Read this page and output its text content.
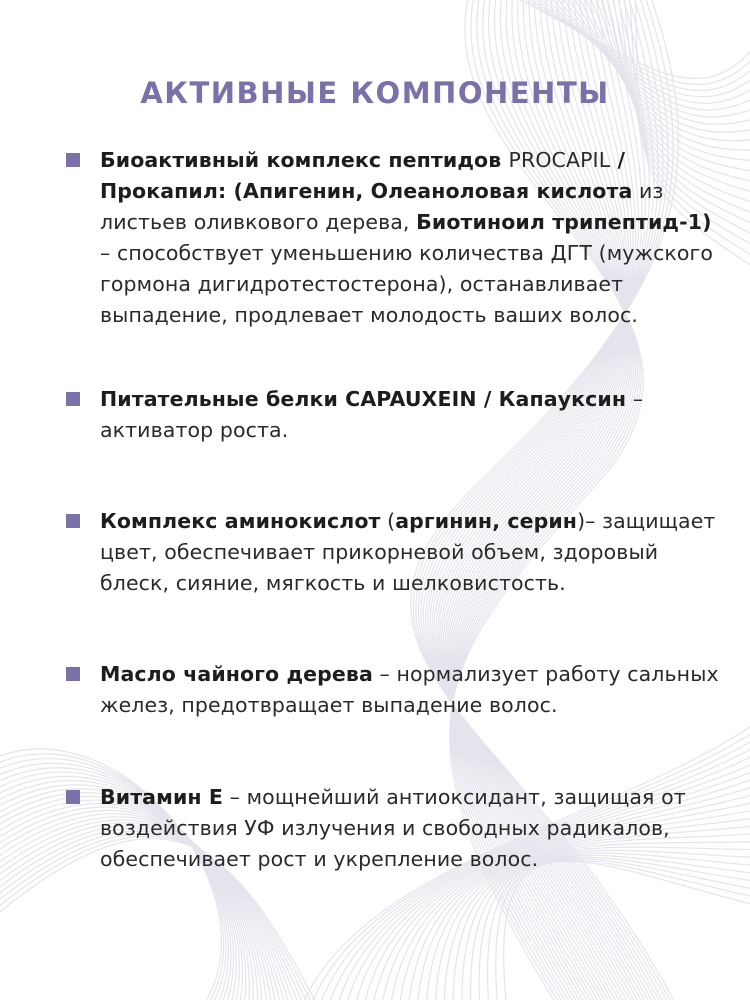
АКТИВНЫЕ КОМПОНЕНТЫ
Биоактивный комплекс пептидов PROCAPIL /Прокапил: (Апигенин, Олеаноловая кислота из листьев оливкового дерева, Биотиноил трипептид-1) – способствует уменьшению количества ДГТ (мужского гормона дигидротестостерона), останавливает выпадение, продлевает молодость ваших волос.
Питательные белки CAPAUXEIN / Капауксин – активатор роста.
Комплекс аминокислот (аргинин, серин)– защищает цвет, обеспечивает прикорневой объем, здоровый блеск, сияние, мягкость и шелковистость.
Масло чайного дерева – нормализует работу сальных желез, предотвращает выпадение волос.
Витамин Е – мощнейший антиоксидант, защищая от воздействия УФ излучения и свободных радикалов, обеспечивает рост и укрепление волос.
